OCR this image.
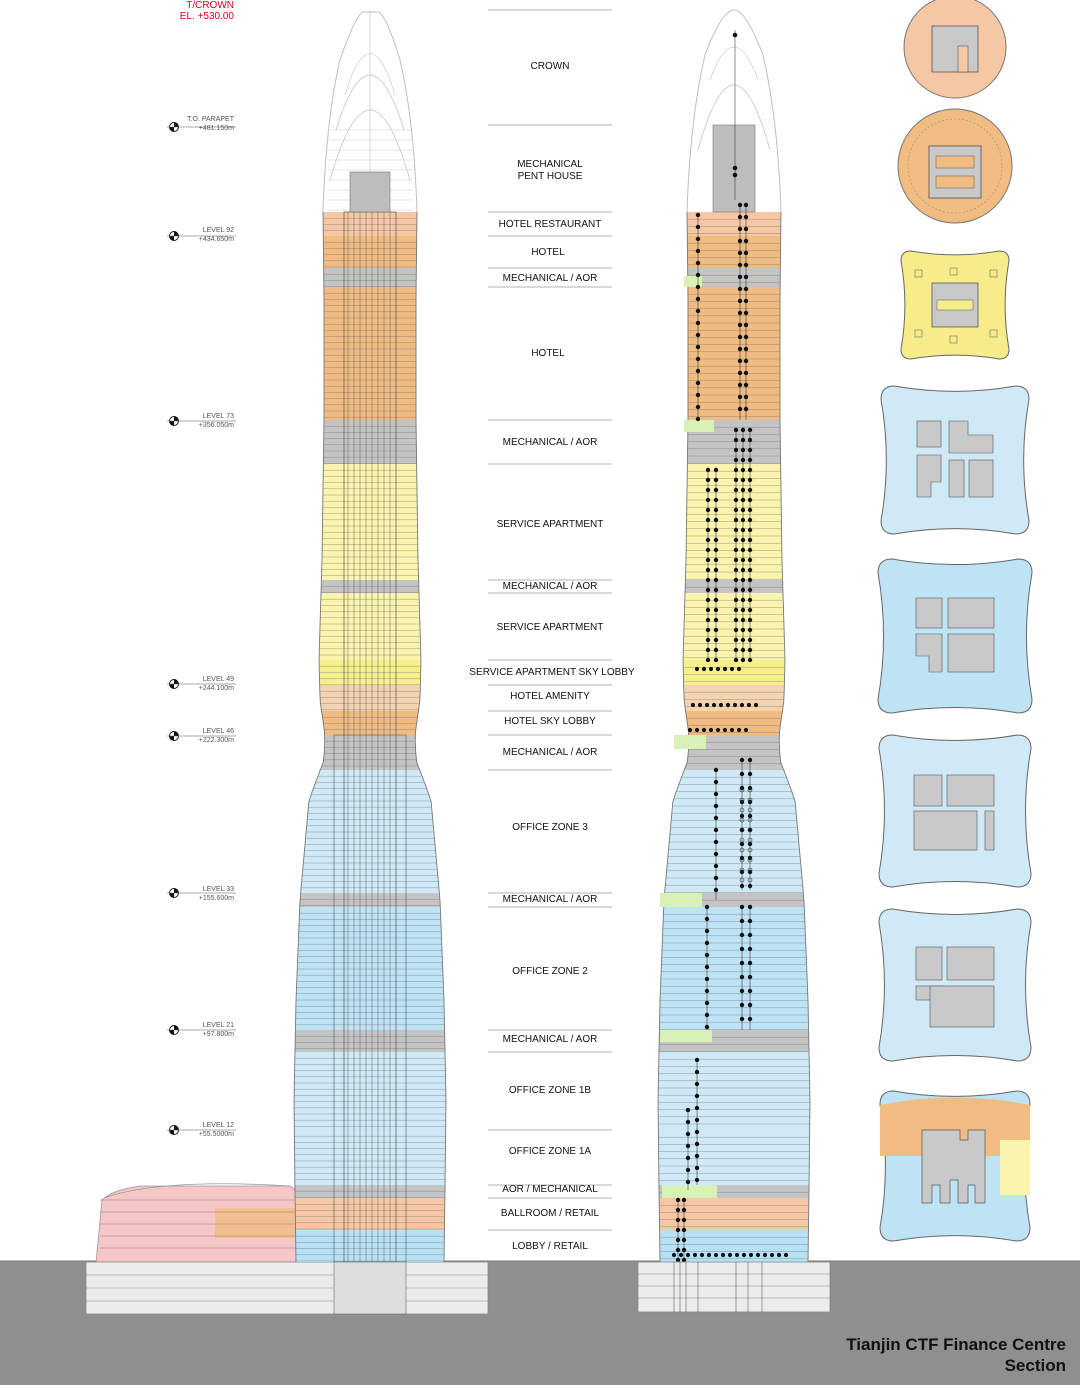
T/CROWN
EL. +530.00
CROWN
MECHANICAL
PENT HOUSE
HOTEL RESTAURANT
HOTEL
MECHANICAL / AOR
HOTEL
MECHANICAL / AOR
SERVICE APARTMENT
MECHANICAL / AOR
SERVICE APARTMENT
SERVICE APARTMENT SKY LOBBY
HOTEL AMENITY
HOTEL SKY LOBBY
MECHANICAL / AOR
OFFICE ZONE 3
MECHANICAL / AOR
OFFICE ZONE 2
MECHANICAL / AOR
OFFICE ZONE 1B
OFFICE ZONE 1A
AOR / MECHANICAL
BALLROOM / RETAIL
LOBBY / RETAIL
T.O. PARAPET
+481.150m
LEVEL 92
+434.650m
LEVEL 73
+356.050m
LEVEL 49
+244.100m
LEVEL 46
+222.300m
LEVEL 33
+155.600m
LEVEL 21
+97.800m
LEVEL 12
+55.5000m
Tianjin CTF Finance Centre
Section
